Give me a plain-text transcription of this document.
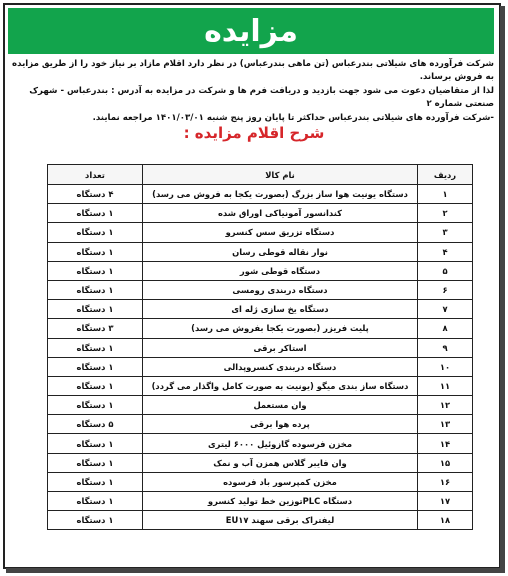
مزایده

شرکت فرآورده های شیلاتی بندرعباس (تن ماهی بندرعباس) در نظر دارد اقلام مازاد بر نیاز خود را از طریق مزایده به فروش برساند.

لذا از متقاضیان دعوت می شود جهت بازدید و دریافت فرم ها و شرکت در مزایده به آدرس : بندرعباس - شهرک صنعتی شماره ۲

-شرکت فرآورده های شیلاتی بندرعباس حداکثر تا پایان روز پنج شنبه ۱۴۰۱/۰۳/۰۱ مراجعه نمایند.

شرح اقلام مزایده :
ردیف	نام کالا	تعداد
۱	دستگاه یونیت هوا ساز بزرگ (بصورت یکجا به فروش می رسد)	۴ دستگاه
۲	کندانسور آمونیاکی اوراق شده	۱ دستگاه
۳	دستگاه تزریق سس کنسرو	۱ دستگاه
۴	نوار نقاله قوطی رسان	۱ دستگاه
۵	دستگاه قوطی شور	۱ دستگاه
۶	دستگاه دربندی رومسی	۱ دستگاه
۷	دستگاه یخ سازی ژله ای	۱ دستگاه
۸	پلیت فریزر (بصورت یکجا بفروش می رسد)	۳ دستگاه
۹	استاکر برقی	۱ دستگاه
۱۰	دستگاه دربندی کنسروپدالی	۱ دستگاه
۱۱	دستگاه ساز بندی میگو (یونیت به صورت کامل واگذار می گردد)	۱ دستگاه
۱۲	وان مستعمل	۱ دستگاه
۱۳	پرده هوا برقی	۵ دستگاه
۱۴	مخزن فرسوده گازوئیل ۶۰۰۰ لیتری	۱ دستگاه
۱۵	وان فایبر گلاس همزن آب و نمک	۱ دستگاه
۱۶	مخزن کمپرسور باد فرسوده	۱ دستگاه
۱۷	دستگاه PLCتوزین خط تولید کنسرو	۱ دستگاه
۱۸	لیفتراک برقی سهند EU۱۷	۱ دستگاه
